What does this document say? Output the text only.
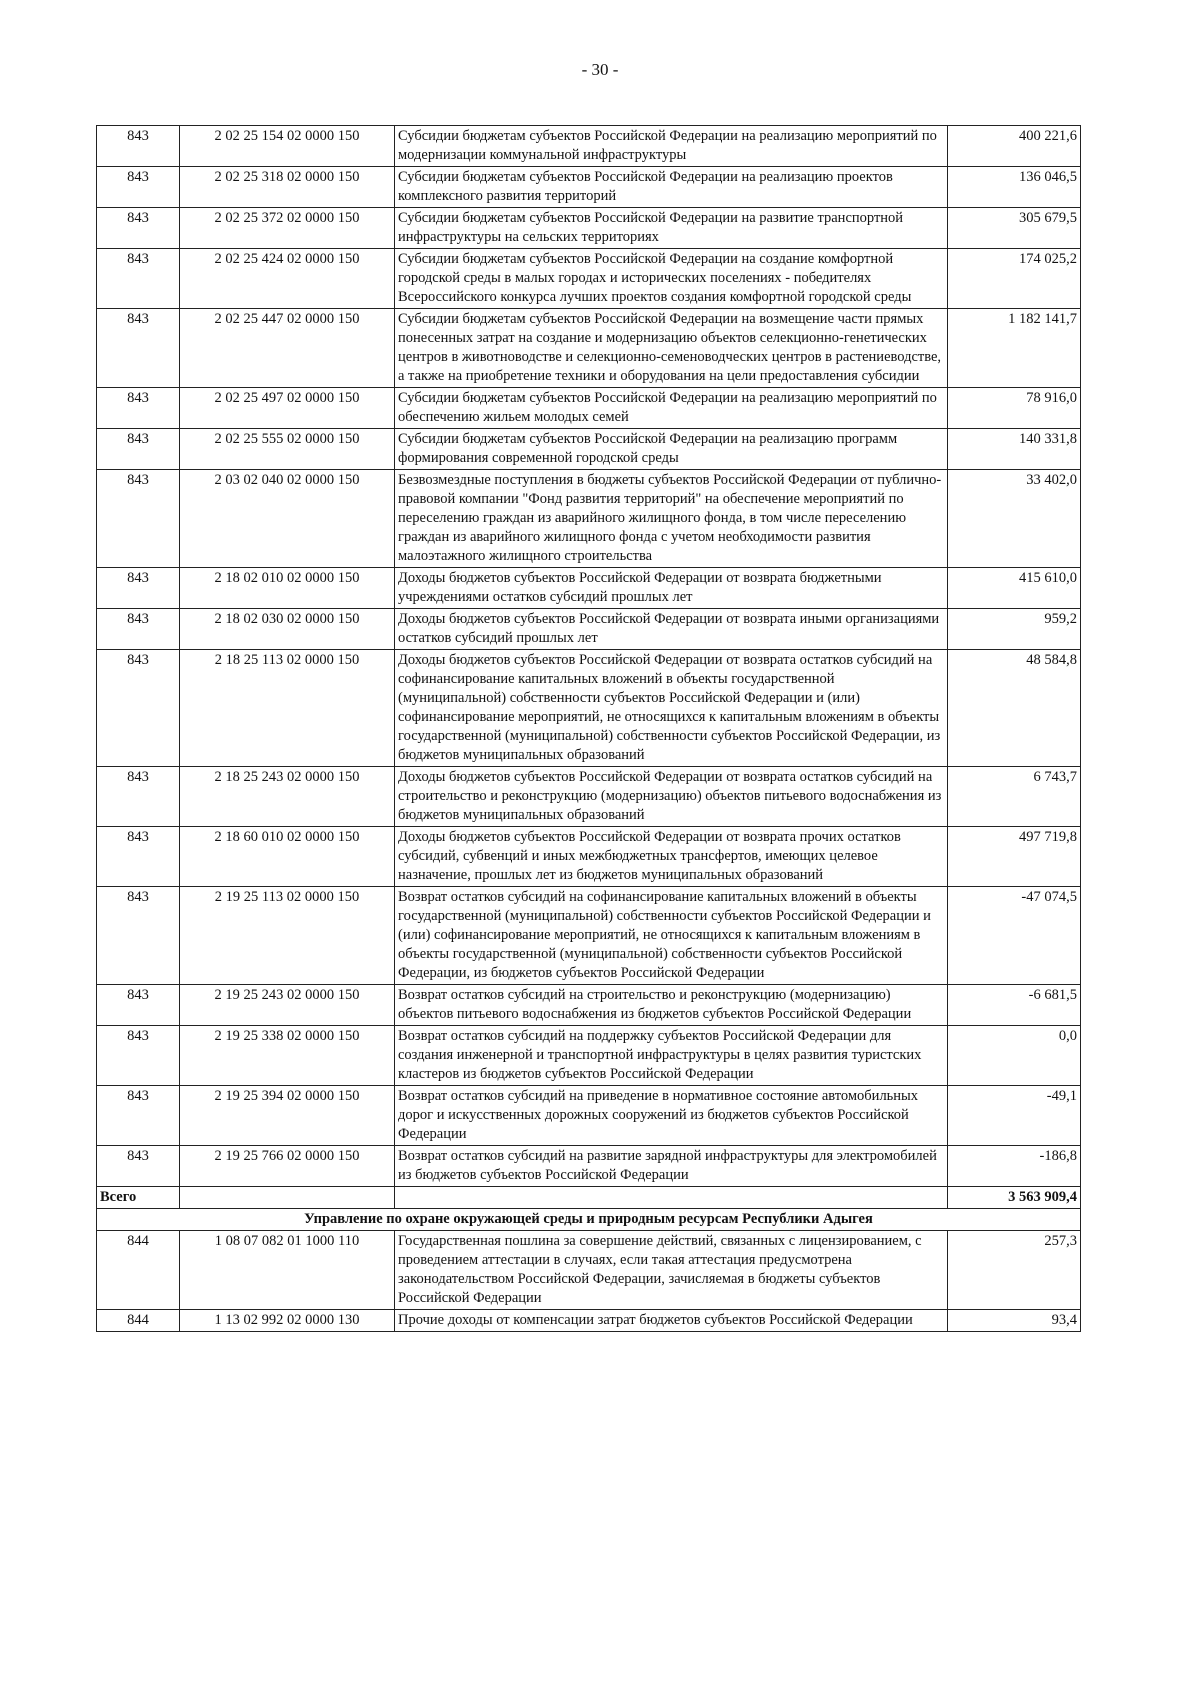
- 30 -
843	2 02 25 154 02 0000 150	Субсидии бюджетам субъектов Российской Федерации на реализацию мероприятий по модернизации коммунальной инфраструктуры	400 221,6
843	2 02 25 318 02 0000 150	Субсидии бюджетам субъектов Российской Федерации на реализацию проектов комплексного развития территорий	136 046,5
843	2 02 25 372 02 0000 150	Субсидии бюджетам субъектов Российской Федерации на развитие транспортной инфраструктуры на сельских территориях	305 679,5
843	2 02 25 424 02 0000 150	Субсидии бюджетам субъектов Российской Федерации на создание комфортной городской среды в малых городах и исторических поселениях - победителях Всероссийского конкурса лучших проектов создания комфортной городской среды	174 025,2
843	2 02 25 447 02 0000 150	Субсидии бюджетам субъектов Российской Федерации на возмещение части прямых понесенных затрат на создание и модернизацию объектов селекционно-генетических центров в животноводстве и селекционно-семеноводческих центров в растениеводстве, а также на приобретение техники и оборудования на цели предоставления субсидии	1 182 141,7
843	2 02 25 497 02 0000 150	Субсидии бюджетам субъектов Российской Федерации на реализацию мероприятий по обеспечению жильем молодых семей	78 916,0
843	2 02 25 555 02 0000 150	Субсидии бюджетам субъектов Российской Федерации на реализацию программ формирования современной городской среды	140 331,8
843	2 03 02 040 02 0000 150	Безвозмездные поступления в бюджеты субъектов Российской Федерации от публично-правовой компании "Фонд развития территорий" на обеспечение мероприятий по переселению граждан из аварийного жилищного фонда, в том числе переселению граждан из аварийного жилищного фонда с учетом необходимости развития малоэтажного жилищного строительства	33 402,0
843	2 18 02 010 02 0000 150	Доходы бюджетов субъектов Российской Федерации от возврата бюджетными учреждениями остатков субсидий прошлых лет	415 610,0
843	2 18 02 030 02 0000 150	Доходы бюджетов субъектов Российской Федерации от возврата иными организациями остатков субсидий прошлых лет	959,2
843	2 18 25 113 02 0000 150	Доходы бюджетов субъектов Российской Федерации от возврата остатков субсидий на софинансирование капитальных вложений в объекты государственной (муниципальной) собственности субъектов Российской Федерации и (или) софинансирование мероприятий, не относящихся к капитальным вложениям в объекты государственной (муниципальной) собственности субъектов Российской Федерации, из бюджетов муниципальных образований	48 584,8
843	2 18 25 243 02 0000 150	Доходы бюджетов субъектов Российской Федерации от возврата остатков субсидий на строительство и реконструкцию (модернизацию) объектов питьевого водоснабжения из бюджетов муниципальных образований	6 743,7
843	2 18 60 010 02 0000 150	Доходы бюджетов субъектов Российской Федерации от возврата прочих остатков субсидий, субвенций и иных межбюджетных трансфертов, имеющих целевое назначение, прошлых лет из бюджетов муниципальных образований	497 719,8
843	2 19 25 113 02 0000 150	Возврат остатков субсидий на софинансирование капитальных вложений в объекты государственной (муниципальной) собственности субъектов Российской Федерации и (или) софинансирование мероприятий, не относящихся к капитальным вложениям в объекты государственной (муниципальной) собственности субъектов Российской Федерации, из бюджетов субъектов Российской Федерации	-47 074,5
843	2 19 25 243 02 0000 150	Возврат остатков субсидий на строительство и реконструкцию (модернизацию) объектов питьевого водоснабжения из бюджетов субъектов Российской Федерации	-6 681,5
843	2 19 25 338 02 0000 150	Возврат остатков субсидий на поддержку субъектов Российской Федерации для создания инженерной и транспортной инфраструктуры в целях развития туристских кластеров из бюджетов субъектов Российской Федерации	0,0
843	2 19 25 394 02 0000 150	Возврат остатков субсидий на приведение в нормативное состояние автомобильных дорог и искусственных дорожных сооружений из бюджетов субъектов Российской Федерации	-49,1
843	2 19 25 766 02 0000 150	Возврат остатков субсидий на развитие зарядной инфраструктуры для электромобилей из бюджетов субъектов Российской Федерации	-186,8
Всего			3 563 909,4
Управление по охране окружающей среды и природным ресурсам Республики Адыгея			
844	1 08 07 082 01 1000 110	Государственная пошлина за совершение действий, связанных с лицензированием, с проведением аттестации в случаях, если такая аттестация предусмотрена законодательством Российской Федерации, зачисляемая в бюджеты субъектов Российской Федерации	257,3
844	1 13 02 992 02 0000 130	Прочие доходы от компенсации затрат бюджетов субъектов Российской Федерации	93,4
